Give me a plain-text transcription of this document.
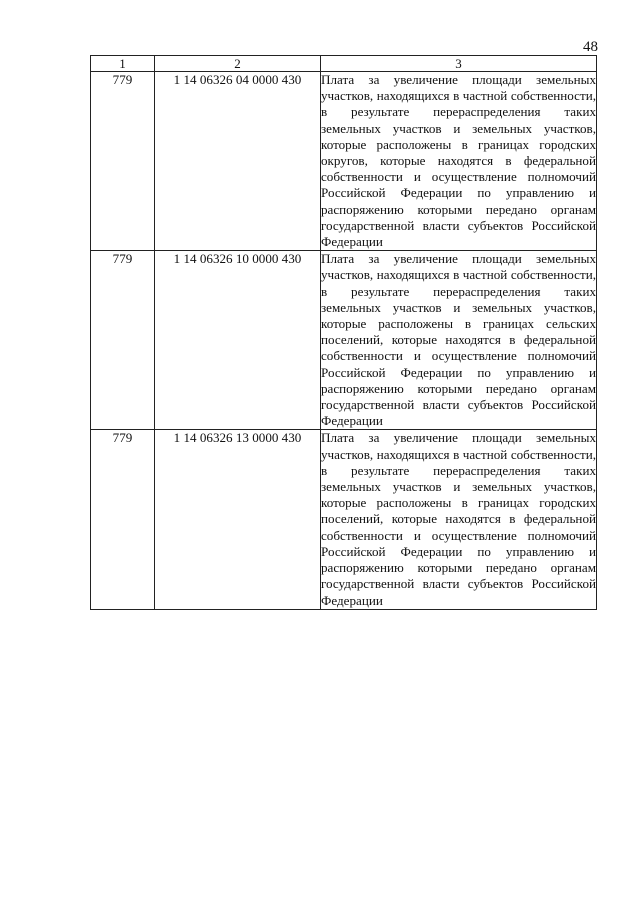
48
1	2	3
779	1 14 06326 04 0000 430	Плата за увеличение площади земельных участков, находящихся в частной собственности, в результате перераспределения таких земельных участков и земельных участков, которые расположены в границах городских округов, которые находятся в федеральной собственности и осуществление полномочий Российской Федерации по управлению и распоряжению которыми передано органам государственной власти субъектов Российской Федерации

779	1 14 06326 10 0000 430	Плата за увеличение площади земельных участков, находящихся в частной собственности, в результате перераспределения таких земельных участков и земельных участков, которые расположены в границах сельских поселений, которые находятся в федеральной собственности и осуществление полномочий Российской Федерации по управлению и распоряжению которыми передано органам государственной власти субъектов Российской Федерации

779	1 14 06326 13 0000 430	Плата за увеличение площади земельных участков, находящихся в частной собственности, в результате перераспределения таких земельных участков и земельных участков, которые расположены в границах городских поселений, которые находятся в федеральной собственности и осуществление полномочий Российской Федерации по управлению и распоряжению которыми передано органам государственной власти субъектов Российской Федерации
